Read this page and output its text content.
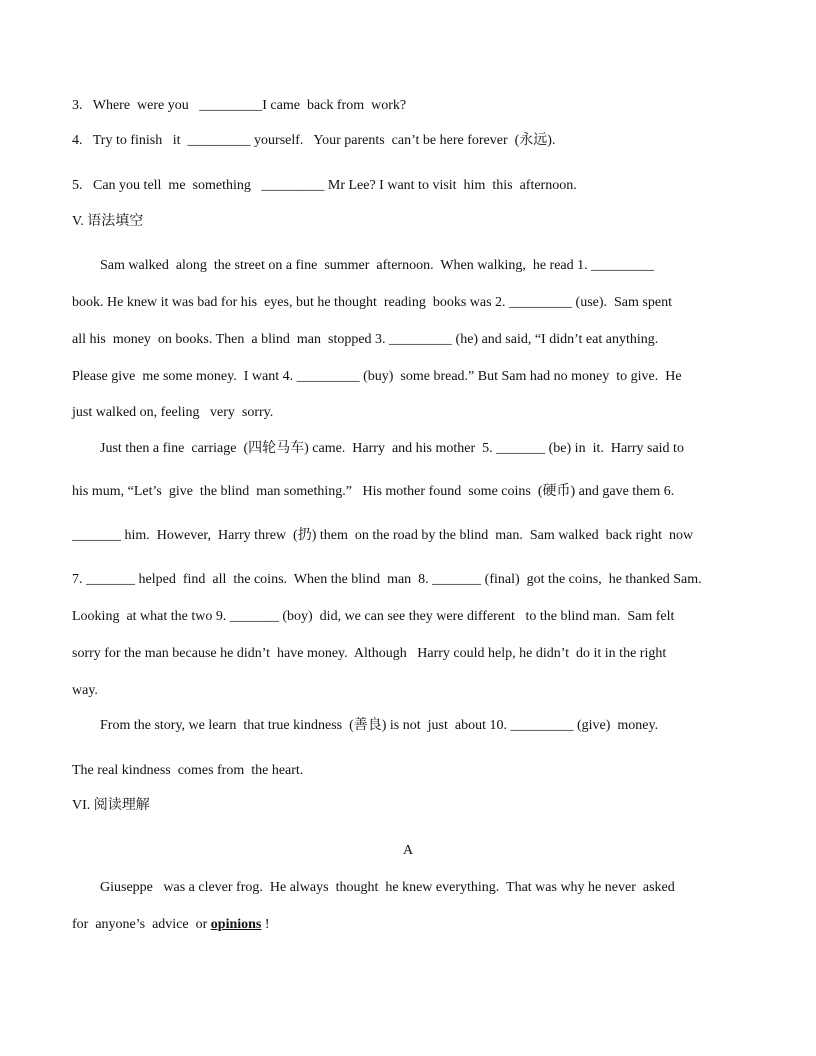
3.   Where  were you   _________I came  back from  work?
4.   Try to finish   it  _________ yourself.   Your parents  can’t be here forever  (永远).
5.   Can you tell  me  something   _________ Mr Lee? I want to visit  him  this  afternoon.
V. 语法填空
Sam walked  along  the street on a fine  summer  afternoon.  When walking,  he read 1. _________
book. He knew it was bad for his  eyes, but he thought  reading  books was 2. _________ (use).  Sam spent
all his  money  on books. Then  a blind  man  stopped 3. _________ (he) and said, “I didn’t eat anything.
Please give  me some money.  I want 4. _________ (buy)  some bread.” But Sam had no money  to give.  He
just walked on, feeling   very  sorry.
Just then a fine  carriage  (四轮马车) came.  Harry  and his mother  5. _______ (be) in  it.  Harry said to
his mum, “Let’s  give  the blind  man something.”   His mother found  some coins  (硬币) and gave them 6.
_______ him.  However,  Harry threw  (扔) them  on the road by the blind  man.  Sam walked  back right  now
7. _______ helped  find  all  the coins.  When the blind  man  8. _______ (final)  got the coins,  he thanked Sam.
Looking  at what the two 9. _______ (boy)  did, we can see they were different   to the blind man.  Sam felt
sorry for the man because he didn’t  have money.  Although   Harry could help, he didn’t  do it in the right
way.
From the story, we learn  that true kindness  (善良) is not  just  about 10. _________ (give)  money.
The real kindness  comes from  the heart.
VI. 阅读理解
A
Giuseppe   was a clever frog.  He always  thought  he knew everything.  That was why he never  asked
for  anyone’s  advice  or opinions !
